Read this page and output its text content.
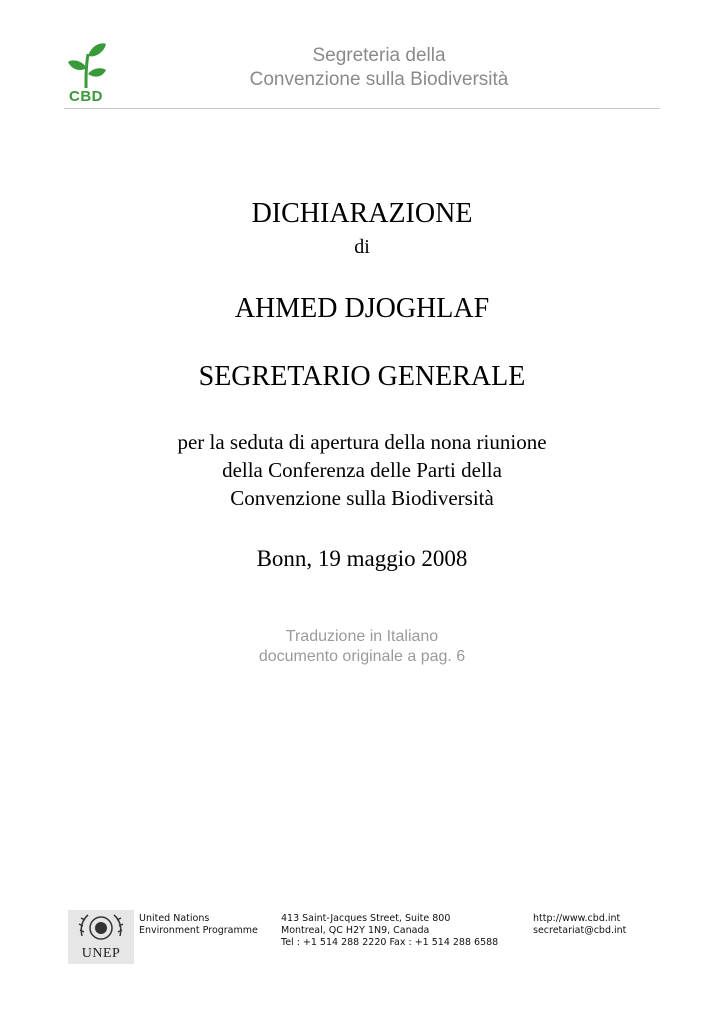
CBD
Segreteria della
Convenzione sulla Biodiversità
DICHIARAZIONE
di
AHMED DJOGHLAF
SEGRETARIO GENERALE
per la seduta di apertura della nona riunione
della Conferenza delle Parti della
Convenzione sulla Biodiversità
Bonn, 19 maggio 2008
Traduzione in Italiano
documento originale a pag. 6
UNEP
United Nations
Environment Programme
413 Saint-Jacques Street, Suite 800
Montreal, QC H2Y 1N9, Canada
Tel : +1 514 288 2220 Fax : +1 514 288 6588
http://www.cbd.int
secretariat@cbd.int
